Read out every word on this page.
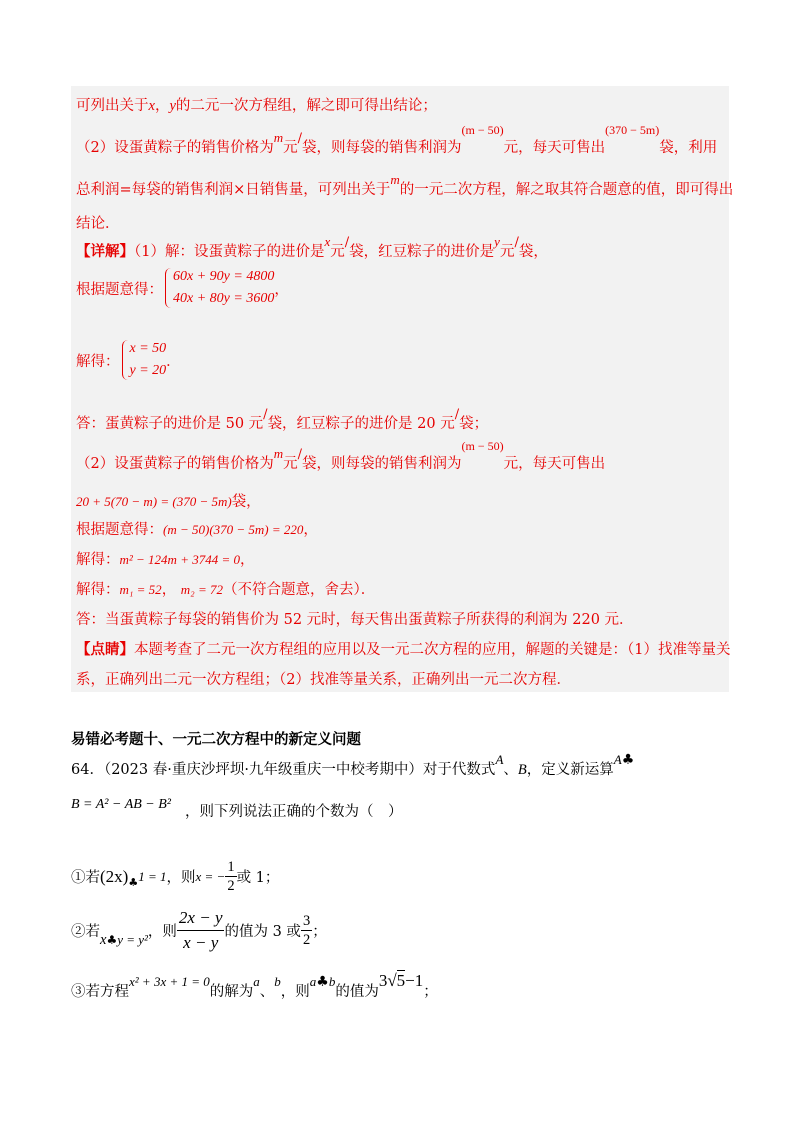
可列出关于x，y的二元一次方程组，解之即可得出结论；
（2）设蛋黄粽子的销售价格为m元/袋，则每袋的销售利润为$^{(m - 50)}$元，每天可售出$^{(370 - 5m)}$袋，利用
总利润=每袋的销售利润×日销售量，可列出关于m的一元二次方程，解之取其符合题意的值，即可得出
结论．
【详解】（1）解：设蛋黄粽子的进价是x元/袋，红豆粽子的进价是y元/袋，
根据题意得：
60x + 90y = 4800
40x + 80y = 3600
，
解得：
x = 50
y = 20
．
答：蛋黄粽子的进价是 50 元/袋，红豆粽子的进价是 20 元/袋；
（2）设蛋黄粽子的销售价格为m元/袋，则每袋的销售利润为$^{(m - 50)}$元，每天可售出
20 + 5(70 − m) = (370 − 5m)袋，
根据题意得：(m − 50)(370 − 5m) = 220，
解得：m² − 124m + 3744 = 0，
解得：m₁ = 52， m₂ = 72（不符合题意，舍去）．
答：当蛋黄粽子每袋的销售价为 52 元时，每天售出蛋黄粽子所获得的利润为 220 元．
【点睛】本题考查了二元一次方程组的应用以及一元二次方程的应用，解题的关键是：（1）找准等量关
系，正确列出二元一次方程组；（2）找准等量关系，正确列出一元二次方程．
易错必考题十、一元二次方程中的新定义问题
64．（2023 春·重庆沙坪坝·九年级重庆一中校考期中）对于代数式A、B，定义新运算A♣
B = A² − AB − B² ，则下列说法正确的个数为（　）
①若(2x)♣1 = 1，则x = − $\frac{1}{2}$ 或 1；
②若x♣y = y²，则 $\frac{2x - y}{x - y}$ 的值为 3 或 $\frac{3}{2}$ ；
③若方程x² + 3x + 1 = 0的解为a、b，则a♣b的值为3√5−1；
